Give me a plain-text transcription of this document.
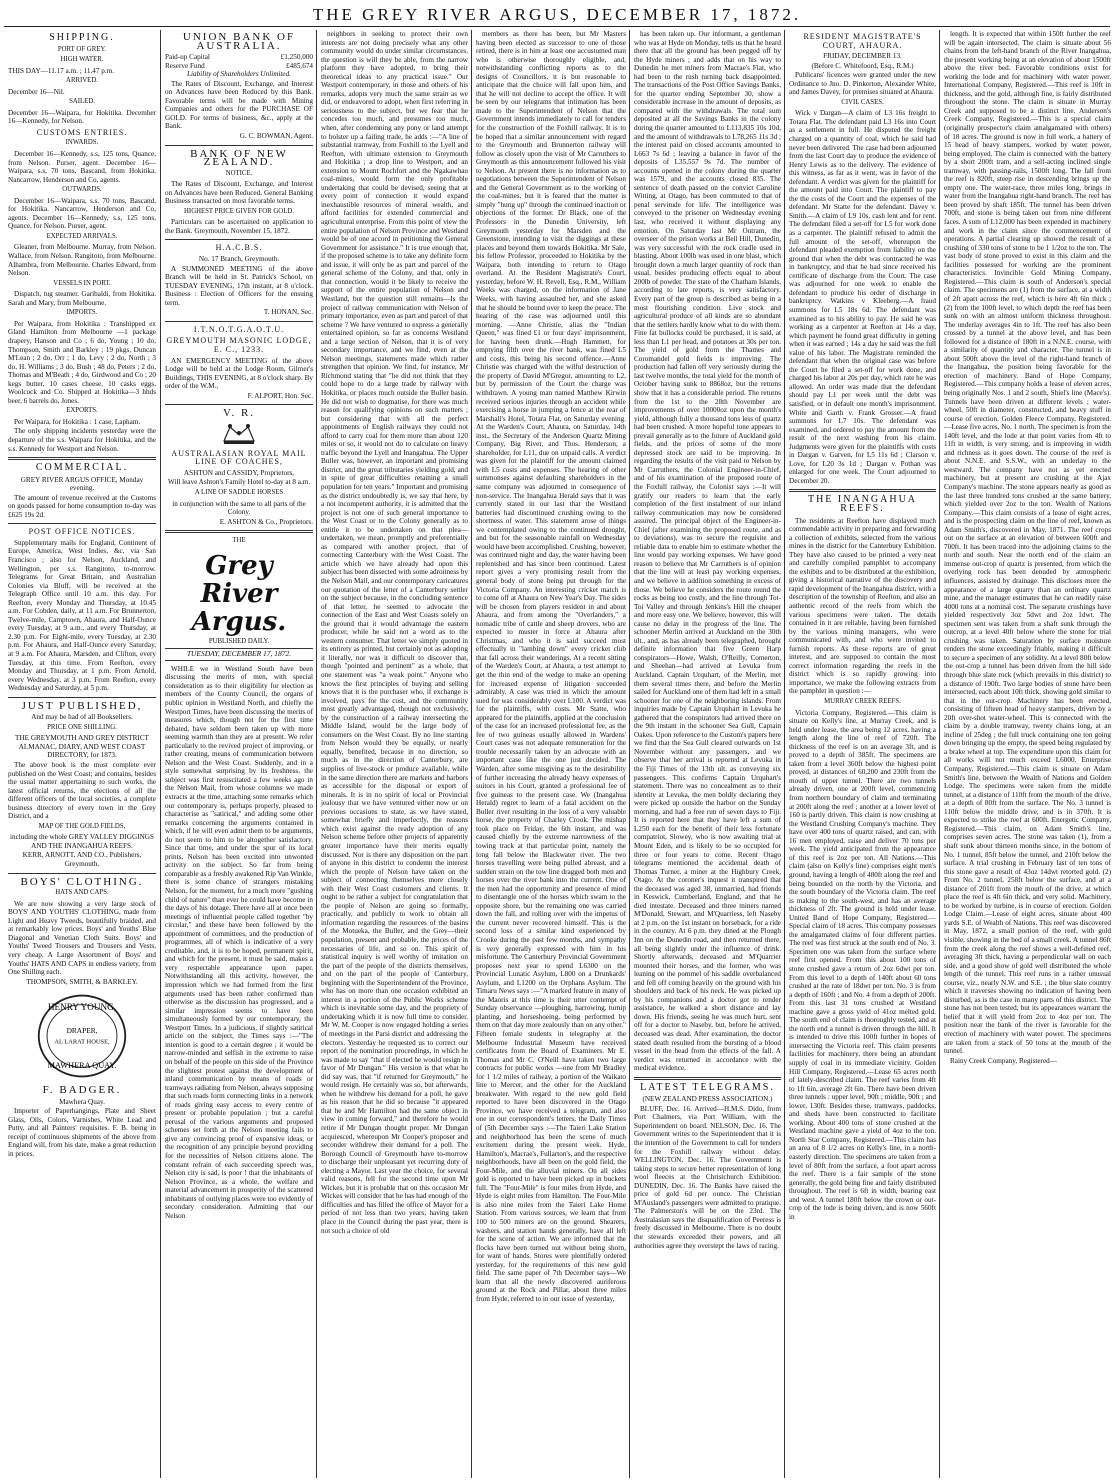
THE GREY RIVER ARGUS, DECEMBER 17, 1872.
SHIPPING.
PORT OF GREY.
HIGH WATER.

THIS DAY—11.17 a.m. ; 11.47 p.m.

ARRIVED.

December 16—Nil.

SAILED.

December 16—Waipara, for Hokitika. December 16—Kennedy, for Nelson.

CUSTOMS ENTRIES.
INWARDS.

December 16—Kennedy, s.s, 125 tons, Quance, from Nelson. Purser, agent. December 16—Waipara, s.s, 70 tons, Bascand, from Hokitika. Nancarrow, Henderson and Co, agents.

OUTWARDS.

December 16—Waipara, s.s. 70 tons, Bascand, for Hokitika. Nancarrow, Henderson and Co, agents. December 16—Kennedy, s.s, 125 tons, Quance, for Nelson. Purser, agent.

EXPECTED ARRIVALS.

Gleaner, from Melbourne. Murray, from Nelson. Wallace, from Nelson. Rangitoto, from Melbourne. Alhambra, from Melbourne. Charles Edward, from Nelson.

VESSELS IN PORT.

Dispatch, tug steamer. Garibaldi, from Hokitika. Sarah and Mary, from Melbourne.

IMPORTS.

Per Waipara, from Hokitika : Transhipped ex Gland Hamilton from Melbourne —1 package drapery, Hanson and Co ; 6 do, Young ; 10 do, Thompson, Smith and Barkley ; 19 pkgs, Duncan M'Lean ; 2 do, Orr ; 1 do, Levy ; 2 do, North ; 3 do, H. Williams ; 3 do, Bush ; 48 do, Peters ; 2 do, Thomas and M'Beath ; 4 do, Girdwood and Co ; 20 kegs butter, 10 cases cheese, 10 casks eggs, Woolcock and Co. Shipped at Hokitika—3 hhds beer, 6 barrels do, Jones.

EXPORTS.

Per Waipara, for Hokitika : 1 case, Lapham.

The only shipping incidents yesterday were the departure of the s.s. Waipara for Hokitika, and the s.s. Kennedy for Westport and Nelson.

COMMERCIAL.

GREY RIVER ARGUS OFFICE, Monday evening.

The amount of revenue received at the Customs on goods passed for home consumption to-day was £625 19s 2d.

POST OFFICE NOTICES.

Supplementary mails for England, Continent of Europe, America, West Indies, &c, via San Francisco ; also for Nelson, Auckland, and Wellington, per s.s. Rangitoto, to-morrow. Telegrams for Great Britain, and Australian Colonies via Bluff, will be received at the Telegraph Office until 10 a.m. this day. For Reefton, every Monday and Thursday, at 10.45 a.m. For Cobden, daily, at 11 a.m. For Brunnerton, Twelve-mile, Camptown, Ahaura, and Half-Ounce every Tuesday, at 9 a.m., and every Thursday, at 2.30 p.m. For Eight-mile, every Tuesday, at 2.30 p.m. For Ahaura, and Half-Ounce every Saturday, at 9 a.m. For Ahaura, Marsden, and Clifton, every Tuesday, at this time. From Reefton, every Monday and Thursday, at 1 p.m. From Arnold, every Wednesday, at 3 p.m. From Reefton, every Wednesday and Saturday, at 5 p.m.

JUST PUBLISHED,

And may be had of all Booksellers.

PRICE ONE SHILLING.

THE GREYMOUTH AND GREY DISTRICT ALMANAC, DIARY, AND WEST COAST DIRECTORY, for 1873.

The above book is the most complete ever published on the West Coast; and contains, besides the usual matter appertaining to such works, the latest official returns, the elections of all the different officers of the local societies, a complete business directory of every town in the Grey District, and a

MAP OF THE GOLD FIELDS,

including the whole GREY VALLEY DIGGINGS AND THE INANGAHUA REEFS.

KERR, ARNOTT, AND CO., Publishers, Greymouth.

BOYS' CLOTHING.
HATS AND CAPS.

We are now showing a very large stock of BOYS' AND YOUTHS' CLOTHING, made from Light and Heavy Tweeds, beautifully braided, and at remarkably low prices. Boys' and Youths' Blue Diagonal and Venetian Cloth Suits. Boys' and Youths' Tweed Trousers and Trousers and Vests, very cheap. A Large Assortment of Boys' and Youths' HATS AND CAPS in endless variety, from One Shilling each.

THOMPSON, SMITH, & BARKLEY.

HENRY YOUNG,
DRAPER,
AL LARAT HOUSE,
MAWHERA QUAY.
F. BADGER.

Mawhera Quay.

Importer of Paperhangings, Plate and Sheet Glass, Oils, Colors, Varnishes, White Lead and Putty, and all Painters' requisites. F. B. being in receipt of continuous shipments of the above from England will, from his date, make a great reduction in prices.

UNION BANK OF AUSTRALIA.
Paid-up Capital	£1,250,000
Reserve Fund	£485,674

Liability of Shareholders Unlimited.

The Rates of Discount, Exchange, and Interest on Advances have been Reduced by this Bank. Favorable terms will be made with Mining Companies and others for the PURCHASE OF GOLD. For terms of business, &c., apply at the Bank.

G. C. BOWMAN, Agent.

BANK OF NEW ZEALAND.
NOTICE.

The Rates of Discount, Exchange, and Interest on Advances have been Reduced. General Banking Business transacted on most favorable terms.

HIGHEST PRICE GIVEN FOR GOLD.

Particulars can be ascertained on application to the Bank. Greymouth, November 15, 1872.

H.A.C.B.S.

No. 17 Branch, Greymouth.

A SUMMONED MEETING of the above Branch will be held in St. Patrick's School, on TUESDAY EVENING, 17th instant, at 8 o'clock. Business : Election of Officers for the ensuing term.

T. HONAN, Sec.

I.T.N.O.T.G.A.O.T.U.
GREYMOUTH MASONIC LODGE, E. C., 1233.

AN EMERGENCY MEETING of the above Lodge will be held at the Lodge Room, Gilmer's Buildings, THIS EVENING, at 8 o'clock sharp. By order of the W.M.,

F. ALPORT, Hon. Sec.

V. R.
AUSTRALASIAN ROYAL MAIL LINE OF COACHES,

ASHTON and CASSIDY, Proprietors,

Will leave Ashton's Family Hotel to-day at 8 a.m.

A LINE OF SADDLE HORSES

in conjunction with the same to all parts of the Colony.

E. ASHTON & Co., Proprietors.

THE
Grey River Argus.
PUBLISHED DAILY.
TUESDAY, DECEMBER 17, 1872.

WHILE we in Westland South have been discussing the merits of men, with special consideration as to their eligibility for election as members of the County Council, the organs of public opinion in Westland North, and chiefly the Westport Times, have been discussing the merits of measures which, though not for the first time debated, have seldom been taken up with more seeming warmth than they are at present. We refer particularly to the revived project of improving, or rather creating, means of communication between Nelson and the West Coast. Suddenly, and in a style somewhat surprising by its freshness, the subject was first resuscitated a few weeks ago in the Nelson Mail, from whose columns we made extracts at the time, attaching some remarks which our contemporary is, perhaps properly, pleased to characterise as "satirical," and adding some other remarks concerning the arguments contained in which, if he will even admit them to be arguments, do not seem to him to be altogether satisfactory. Since that time, and under the spur of its local prints, Nelson has been excited into unwonted activity on the subject. So far from being comparable as a freshly awakened Rip Van Winkle, there is some chance of strangers mistaking Nelson, for the moment, for a much more "gushing child of nature" than ever he could have become in the days of his dotage. There have all at once been meetings of influential people called together "by circular," and these have been followed by the appointment of committees, and the production of programmes, all of which is indicative of a very creditable, and, it is to be hoped, permanent spirit, and which for the present, it must be said, makes a very respectable appearance upon paper. Notwithstanding all this activity, however, the impression which we had formed from the first arguments used has been rather confirmed than otherwise as the discussion has progressed, and a similar impression seems to have been simultaneously formed by our contemporary, the Westport Times. In a judicious, if slightly satirical article on the subject, the Times says :—"The intention is good to a certain degree ; it would be narrow-minded and selfish in the extreme to raise on behalf of the people on this side of the Province the slightest protest against the development of inland communication by means of roads or tramways radiating from Nelson, always supposing that such roads form connecting links in a network of roads giving easy access to every centre of present or probable population ; but a careful perusal of the various arguments and proposed schemes set forth at the Nelson meeting fails to give any convincing proof of expansive ideas, or the recognition of any principle beyond providing for the necessities of Nelson citizens alone. The constant refrain of each succeeding speech was, Nelson city is sad, is poor ! that the inhabitants of Nelson Province, as a whole, the welfare and material advancement in prosperity of the scattered inhabitants of outlying places were too evidently of secondary consideration. Admitting that our Nelson

neighbors in seeking to protect their own interests are not doing precisely what any other community would do under similar circumstances, the question is will they be able, from the narrow platform they have adopted, to bring their theoretical ideas to any practical issue." Our Westport contemporary, in those and others of his remarks, adopts very much the same strain as we did, or endeavored to adopt, when first referring in seriousness to the subject, but we fear that he concedes too much, and presumes too much, when, after condemning any pony or land attempt to bolster up a failing trade, he adds :—"A line of substantial tramway, from Foxhill to the Lyell and Reefton, with ultimate extension to Greymouth and Hokitika ; a drop line to Westport, and an extension to Mount Rochfort and the Ngakawhau coal-mines, would form the only profitable undertaking that could be devised, seeing that at every point of connection it would expand inexhaustible resources of mineral wealth, and afford facilities for extended commercial and agricultural enterprise. From this point of view the entire population of Nelson Province and Westland would be of one accord in petitioning the General Government for assistance." It is true enough that, if the proposed scheme is to take any definite form and issue, it will only be as part and parcel of the general scheme of the Colony, and that, only in that connection, would it be likely to receive the support of the entire population of Nelson and Westland, but the question still remains—Is the project of railway communication with Nelson of primary importance, even as part and parcel of that scheme ? We have ventured to express a generally entertained opinion, so far as concerns Westland and a large section of Nelson, that it is of very secondary importance, and we find, even at the Nelson meetings, statements made which rather strengthen that opinion. We find, for instance, Mr Richmond stating that "he did not think that they could hope to do a large trade by railway with Hokitika, or places much outside the Buller basin. He did not wish to dogmatise, for there was much reason for qualifying opinions on such matters ; but considering that with all the perfect appointments of English railways they could not afford to carry coal for them more than about 120 miles or so, it would not do to calculate on heavy traffic beyond the Lyell and Inangahua. The Upper Buller was, however, an important and promising district, and the great tributaries yielding gold, and in spite of great difficulties retaining a small population for ten years." Important and promising as the district undoubtedly is, we say that here, by a not incompetent authority, it is admitted that the project is not one of such general importance to the West Coast or to the Colony generally as to entitle it to be undertaken on that plea—undertaken, we mean, promptly and preferentially as compared with another project, that of connecting Canterbury with the West Coast. The article which we have already had upon this subject has been dissected with some adroitness by the Nelson Mail, and our contemporary caricatures our quotation of the letter of a Canterbury settler on the subject because, in the concluding sentence of that letter, he seemed to advocate the connection of the East and West Coasts solely on the ground that it would advantage the eastern producer, while he said not a word as to the western consumer. That letter we simply quoted in its entirety as printed, but certainly not as adopting it literally, nor was it difficult to discover that, though "pointed and pertinent" as a whole, that one statement was "a weak point." Anyone who knows the first principles of buying and selling knows that it is the purchaser who, if exchange is involved, pays for the cost, and the community most greatly advantaged, though not exclusively, by the construction of a railway intersecting the Middle Island, would be the large body of consumers on the West Coast. By no line starting from Nelson would they be equally, or nearly equally, benefited, because in no direction, so much as in the direction of Canterbury, are supplies of live-stock or produce available, while in the same direction there are markets and harbors as accessible for the disposal or export of minerals. It is in no spirit of local or Provincial jealousy that we have ventured either now or on previous occasions to state, as we have stated, somewhat briefly and imperfectly, the reasons which exist against the ready adoption of any Nelson scheme before other projects of apparently greater importance have their merits equally discussed. Nor is there any disposition on the part of anyone in this district to condemn the interest which the people of Nelson have taken on the subject of connecting themselves more closely with their West Coast customers and clients. It ought to be rather a subject for congratulation that the people of Nelson are going so formally, practically, and publicly to work to obtain all information regarding the resources of the basins of the Motueka, the Buller, and the Grey—their population, present and probable, the prices of the necessaries of life, and so on. This spirit of statistical inquiry is well worthy of imitation on the part of the people of the districts themselves, and on the part of the people of Canterbury, beginning with the Superintendent of the Province, who has on more than one occasion exhibited an interest in a portion of the Public Works scheme which is inevitable some day, and the propriety of undertaking which it is now full time to consider. Mr W. M. Cooper is now engaged holding a series of meetings in the Parsi district and addressing the electors. Yesterday he requested us to correct our report of the nomination proceedings, in which he was made to say "that if elected he would resign in favor of Mr Dungan." His version is that what he did say was, that "if returned for Greymouth," he would resign. He certainly was so, but afterwards, when he withdrew his demand for a poll, he gave as his reason that he did so because "it appeared that he and Mr Hamilton had the same object in view in coming forward," and therefore he would retire if Mr Dungan thought proper. Mr Dungan acquiesced, whereupon Mr Cooper's proposer and seconder withdrew their demand for a poll. The Borough Council of Greymouth have to-morrow to discharge their unpleasant yet recurring duty of electing a Mayor. Last year the choice, for several valid reasons, fell for the second time upon Mr Wickes, but it is probable that on this occasion Mr Wickes will consider that he has had enough of the difficulties and has filled the office of Mayor for a period of not less than two years, having taken place in the Council during the past year, there is not such a choice of old

members as there has been, but Mr Masters having been elected as successor to one of those retired, there is in him at least one accustomed man who is otherwise thoroughly eligible, and, notwithstanding conflicting reports as to the designs of Councillors, it is but reasonable to anticipate that the choice will fall upon him, and that he will not decline to accept the office. It will be seen by our telegrams that intimation has been made to the Superintendent of Nelson that the Government intends immediately to call for tenders for the construction of the Foxhill railway. It is to be hoped that a similar announcement with regard to the Greymouth and Brunnerton railway will follow as closely upon the visit of Mr Carruthers to Greymouth as this announcement followed his visit to Nelson. At present there is no information as to negotiations between the Superintendent of Nelson and the General Government as to the working of the coal-mines, but it is feared that the matter is simply "hung up" through the continued inaction or objections of the former. Dr Black, one of the Professors in the Dunedin University, left Greymouth yesterday for Marsden and the Greenstone, intending to visit the diggings at these places and beyond them towards Hokitika. Mr Sale, his fellow Professor, proceeded to Hokitika by the Waipara, both intending to return to Otago overland. At the Resident Magistrate's Court, yesterday, before W. H. Revell, Esq., R.M., William Weeks was charged, on the information of Jane Weeks, with having assaulted her, and she asked that he should be bound over to keep the peace. The hearing of the case was adjourned until this morning. —Anne Christie, alias the "Indian Queen," was fined £1 or four days' imprisonment, for having been drunk.—Hugh Hammett, for emptying filth over the river bank, was fined L5 and costs, this being his second offence.—Anne Christie was charged with the wilful destruction of the property of David M'Gregor, amounting to L2, but by permission of the Court the charge was withdrawn. A young man named Matthew Kirwin received serious injuries through an accident while exercising a horse in jumping a fence at the rear of Marshall's Hotel, Totara Flat, on Saturday evening. At the Warden's Court, Ahaura, on Saturday, 14th inst., the Secretary of the Anderson Quartz Mining Company, Big River, and Thos. Henderson, a shareholder, for L11, due on unpaid calls. A verdict was given for the plaintiff for the amount claimed with L5 costs and expenses. The hearing of other summonses against defaulting shareholders in the same company was adjourned in consequence of non-service. The Inangahua Herald says that it was currently stated in our last that the Westland batteries had discontinued crushing owing to the shortness of water. This statement arose of things we contemplated owing to the continued drought, and but for the seasonable rainfall on Wednesday would have been accomplished. Crushing, however, was continued night and day, the water having been replenished and has since been continued. Latest report gives a very promising result from the general body of stone being put through for the Victoria Company. An interesting cricket match is to come off at Ahaura on New Year's Day. The sides will be chosen from players resident in and about Ahaura, and from among the "Overlanders," a nomadic tribe of cattle and sheep drovers, who are expected to muster in force at Ahaura after Christmas, and who it is said succeed most effectually in "lambing down" every cricket club that fall across their wanderings. At a recent sitting of the Warden's Court, at Ahaura, a test attempt to get the thin end of the wedge to make an opening for increased expense of litigation succeeded admirably. A case was tried in which the amount sued for was considerably over L100. A verdict was for the plaintiffs, with costs. Mr Statte, who appeared for the plaintiffs, applied at the conclusion of the case for an increased professional fee, as the fee of two guineas usually allowed in Wardens' Court cases was not adequate remuneration for the trouble necessarily taken by an advocate with an important case like the one just decided. The Warden, after some misgiving as to the desirability of further increasing the already heavy expenses of suitors in his Court, granted a professional fee of five guineas to the present case. We (Inangahua Herald) regret to learn of a fatal accident on the Buller river resulting in the loss of a very valuable horse, the property of Charley Crook. The mishap took place on Friday, the 6th instant, and was caused chiefly by the extreme narrowness of the towing track at that particular point, namely the long fall below the Blackwater river. The two horses travelling were being pulled abreast, and a sudden strain on the tow line dragged both men and horses over the river bank into the current. One of the men had the opportunity and presence of mind to disentangle one of the horses which swam to the opposite shore, but the remaining one was carried down the fall, and rolling over with the impetus of the current never recovered himself. This is the second loss of a similar kind experienced by Crooke during the past few months, and sympathy is very generally expressed with him in his misfortune. The Canterbury Provincial Government proposes next year to spend L6300 on the Provincial Lunatic Asylum, L800 on a Drunkards' Asylum, and L1200 on the Orphans Asylum. The Timaru News says :—"A marked feature in many of the Maoris at this time is their utter contempt of Sunday observance —ploughing, harrowing, turnip planting, and horseshoeing, being performed by them on that day more zealously than on any other." Fifteen female students in telegraphy at the Melbourne Industrial Museum have received certificates from the Board of Examiners. Mr E. Thomas and Mr C. O'Neill have taken two large contracts for public works —one from Mr Bradley for 1 1/2 miles of railway, a portion of the Waikato line to Mercer, and the other for the Auckland breakwater. With regard to the new gold field reported to have been discovered in the Otago Province, we have received a telegram, and also one in our correspondent's letters, the Daily Times of (5th December says :—The Taieri Lake Station and neighborhood has been the scene of much excitement during the present week. Hyde, Hamilton's, Macrae's, Fullarton's, and the respective neighborhoods, have all been on the gold field, the Four-Mile, and the alluvial miners. On all sides gold is reported to have been picked up in buckets full. The "Four-Mile" is four miles from Hyde, and Hyde is eight miles from Hamilton. The Four-Mile is also nine miles from the Taieri Lake Home Station. From various sources, we learn that from 100 to 500 miners are on the ground. Shearers, washers, and station hands generally, have all left for the scene of action. We are informed that the flocks have been turned out without being shorn, for want of hands. Stores were plentifully ordered yesterday, for the requirements of this new gold field. The same paper of 7th December says—We learn that all the newly discovered auriferous ground at the Rock and Pillar, about three miles from Hyde, referred to in our issue of yesterday,

has been taken up. Our informant, a gentleman who was at Hyde on Monday, tells us that he heard there that all the ground has been pegged off by the Hyde miners ; and adds that on his way to Dunedin he met miners from Macrae's Flat, who had been to the rush turning back disappointed. The transactions of the Post Office Savings Banks, for the quarter ending September 30, show a considerable increase in the amount of deposits, as compared with the withdrawals. The total sum deposited at all the Savings Banks in the colony during the quarter amounted to L113,835 10s 10d, and the amount of withdrawals to L78,265 11s 3d ; the interest paid on closed accounts amounted to L663 7s 6d ; leaving a balance in favor of the deposits of L35,557 9s 7d. The number of accounts opened in the colony during the quarter was 1579, and the accounts closed 835. The sentence of death passed on the convict Caroline Witting, at Otago, has been commuted to that of penal servitude for life. The intelligence was conveyed to the prisoner on Wednesday evening last, who received it without displaying any emotion. On Saturday last Mr Outram, the overseer of the prison works at Bell Hill, Dunedin, was very successful with the rock cradle used in blasting. About 100lb was used in one blast, which brought down a much larger quantity of rock than usual, besides producing effects equal to about 200lb of powder. The state of the Chatham Islands, according to late reports, is very satisfactory. Every part of the group is described as being in a most flourishing condition. Live stock and agricultural produce of all kinds are so abundant that the settlers hardly know what to do with them. Fine fat bullocks could be purchased, it is said, at less than L1 per head, and potatoes at 30s per ton. The yield of gold from the Thames and Coromandel gold fields is improving. The production had fallen off very seriously during the last twelve months, the total yield for the month of October having sunk to 8868oz, but the returns show that it has a considerable period. The returns from the 1st to the 28th November are improvements of over 10000oz upon the month's yield, although fully a thousand tons less of quartz had been crushed. A more hopeful tone appears to prevail generally as to the future of Auckland gold fields, and the prices of some of the more depressed stock are said to be improving. In regarding the results of the visit paid to Nelson by Mr Carruthers, the Colonial Engineer-in-Chief, and of his examination of the proposed route of the Foxhill railway, the Colonist says :—It will gratify our readers to learn that the early completion of the first instalment of our inland railway communication may now be considered assured. The principal object of the Engineer-in-Chief (after examining the proposed route, and as to deviations), was to secure the requisite and reliable data to enable him to estimate whether the line would pay working expenses. We have good reason to believe that Mr Carruthers is of opinion that the line will at least pay working expenses, and we believe in addition something in excess of those. We believe he considers the route round the rocks as being too costly, and the line through Tot-Toi Valley and through Jenkins's Hill the cheaper and more easy one. We believe, however, this will cause no delay in the progress of the line. The schooner Merlin arrived at Auckland on the 30th ult., and, as has already been telegraphed, brought definite information that five Green Harp conspirators—Howe, Walsh, O'Reilly, Comerton, and Sheehan—had arrived at Levuka from Auckland. Captain Urquhart, of the Merlin, met them several times there, and before the Merlin sailed for Auckland one of them had left in a small schooner for one of the neighboring islands. From inquiries made by Captain Urquhart in Levuka he gathered that the conspirators had arrived there on the 9th instant in the schooner Sea Gull, Captain Oakes. Upon reference to the Custom's papers here we find that the Sea Gull cleared outwards on 1st November without any passengers, and we observe that her arrival is reported at Levuka in the Fiji Times of the 13th ult. as conveying six passengers. This confirms Captain Urquhart's statement. There was no concealment as to their identity at Levuka, the men boldly declaring they were picked up outside the harbor on the Sunday morning, and had a free run of seven days to Fiji. It is reported here that they have left a sum of L250 each for the benefit of their less fortunate compatriot, Slowey, who is now awaiting trial at Mount Eden, and is likely to be so occupied for three or four years to come. Recent Otago telegrams mentioned the accidental death of Thomas Turner, a miner at the Highbury Creek, Otago. At the coroner's inquest it transpired that the deceased was aged 38, unmarried, had friends in Keswick, Cumberland, England, and that he died intestate. Deceased and three miners named M'Donald, Stewart, and M'Quarriess, left Naseby at 2 p.m. on the 1st instant on horseback, for a ride in the country. At 6 p.m. they dined at the Plough Inn on the Dunedin road, and then returned there, all being slightly under the influence of drink. Shortly afterwards, deceased and M'Quarrier mounted their horses, and the former, who was leaning on the pommel of his saddle overbalanced and fell off coming heavily on the ground with his shoulders and back of his neck. He was picked up by his companions and a doctor got to render assistance, he walked a short distance and lay down. His friends, seeing he was much hurt, sent off for a doctor to Naseby, but, before he arrived, deceased was dead. After examination, the doctor stated death resulted from the bursting of a blood vessel in the head from the effects of the fall. A verdict was returned in accordance with the medical evidence.

LATEST TELEGRAMS.

(NEW ZEALAND PRESS ASSOCIATION.)

BLUFF, Dec. 16. Arrived—H.M.S. Dido, from Port Chalmers, via Port William, with the Superintendent on board. NELSON, Dec. 16. The Government writes to the Superintendent that it is the intention of the Government to call for tenders for the Foxhill railway without delay. WELLINGTON, Dec. 16. The Government is taking steps to secure better representation of long wool fleeces at the Christchurch Exhibition. DUNEDIN, Dec. 16. The Banks have raised the price of gold 6d per ounce. The Christian M'Ausland's passengers were admitted to pratique. The Palmerston's will be on the 23rd. The Australasian says the disqualification of Peeress is freely discussed in Melbourne. There is no doubt the stewards exceeded their powers, and all authorities agree they overstept the laws of racing.

RESIDENT MAGISTRATE'S COURT, AHAURA.

FRIDAY, DECEMBER 13.

(Before C. Whitefoord, Esq., R.M.)

Publicans' licences were granted under the new Ordinance to Jno. D. Pinkerton, Alexander White, and James Davey, for premises situated at Ahaura.

CIVIL CASES.

Wick v Dargan—A claim of L3 16s freight to Totara Flat. The defendant paid L3 16s into Court as a settlement in full. He disputed the freight charged on a quantity of coal, which he said had never been delivered. The case had been adjourned from the last Court day to produce the evidence of Henry Lewis as to the delivery. The evidence of this witness, as far as it went, was in favor of the defendant. A verdict was given for the plaintiff for the amount paid into Court. The plaintiff to pay the the costs of the Court and the expenses of the defendant. Mr Statte for the defendant. Davey v. Smith.—A claim of L9 10s, cash lent and for rent. The defendant filed a set-off for L5 for work done as a carpenter. The plaintiff refused to admit the full amount of the set-off, whereupon the defendant pleaded exemption from liability on the ground that when the debt was contracted he was in bankruptcy, and that he had since received his certificate of discharge from the Court. The case was adjourned for one week to enable the defendant to produce his order of discharge in bankruptcy. Watkins v Kleeberg.—A fraud summons for L5 18s 6d. The defendant was examined as to his ability to pay. He said he was working as a carpenter at Reefton at 14s a day, which payment he found great difficulty in getting when it was earned ; 14s a day he said was the full value of his labor. The Magistrate reminded the defendant that when the original case was before the Court he filed a set-off for work done, and charged his labor at 20s per day, which rate he was allowed. An order was made that the defendant should pay L1 per week until the debt was satisfied, or in default one month's imprisonment. White and Garth v. Frank Grosser.—A fraud summons for L7 10s. The defendant was examined, and ordered to pay the amount from the result of the next washing from his claim. Judgments were given for the plaintiffs with costs in Dargan v. Garven, for L5 11s 6d ; Clarson v. Love, for L20 3s 1d ; Dargan v. Pothan was enlarged for one week. The Court adjourned to December 20.

THE INANGAHUA REEFS.

The residents at Reefton have displayed much commendable activity in preparing and forwarding a collection of exhibits, selected from the various mines in the district for the Canterbury Exhibition. They have also caused to be printed a very neat and carefully compiled pamphlet to accompany the exhibits and to be distributed at the exhibition, giving a historical narrative of the discovery and rapid development of the Inangahua district, with a description of the township of Reefton, and also an authentic record of the reefs from which the various specimens were taken. The details contained in it are reliable, having been furnished by the various mining managers, who were communicated with, and who were invited to furnish reports. As these reports are of great interest, and are supposed to contain the most correct information regarding the reefs in the district which is so rapidly growing into importance, we make the following extracts from the pamphlet in question :—

MURRAY CREEK REEFS.

Victoria Company, Registered.—This claim is situate on Kelly's line, at Murray Creek, and is held under lease, the area being 12 acres, having a length along the line of reef of 720ft. The thickness of the reef is on an average 3ft, and is proved to a depth of 385ft. The specimens are taken from a level 360ft below the highest point proved, at distances of 60,200 and 230ft from the mouth of upper tunnel. There are two tunnels already driven, one at 200ft level, commencing from northern boundary of claim and terminating at 200ft along the reef ; another at a lower level of 160 is partly driven. This claim is now crushing at the Westland Crushing Company's machine. They have over 400 tons of quartz raised, and can, with 16 men employed, raise and deliver 70 tons per week. The yield anticipated from the appearance of this reef is 2oz per ton. All Nations.—This claim (also on Kelly's line) comprises eight men's ground, having a length of 480ft along the reef and being bounded on the north by the Victoria, and the south boundary of the Victoria claim. The reef is making to the south-west, and has an average thickness of 2ft. The ground is held under lease. United Band of Hope Company, Registered.—Special claim of 18 acres. This company possesses the amalgamated claims of four different parties. The reef was first struck at the south end of No. 3. Specimen one was taken from the surface where reef first opened. From this about 100 tons of stone crushed gave a return of 2oz 6dwt per ton. From this level to a depth of 140ft about 60 tons crushed at the rate of 18dwt per ton. No. 3 is from a depth of 160ft ; and No. 4 from a depth of 200ft. From this last 31 tons crushed at Westland machine gave a gross yield of 41oz melted gold. The south end of claim is thoroughly tested, and at the north end a tunnel is driven through the hill. It is intended to drive this 100ft further in hopes of intersecting the Victoria reef. This claim presents facilities for machinery, there being an abundant supply of coal in its immediate vicinity. Golden Hill Company, Registered.—Lease 65 acres north of lately-described claim. The reef varies from 4ft to 1ft 6in, average 2ft 6in. There have been driven three tunnels : upper level, 90ft ; middle, 90ft ; and lower, 130ft. Besides these, tramways, paddocks, and sheds have been constructed to facilitate working. About 400 tons of stone crushed at the Westland machine gave a yield of 4oz to the ton. North Star Company, Registered.—This claim has an area of 8 1/2 acres on Kelly's line, in a north-easterly direction. The specimens are taken from a level of 80ft from the surface, a foot apart across the reef. There is a fair sample of the stone generally, the gold being fine and fairly distributed throughout. The reef is 6ft in width, bearing east and west. A tunnel 180ft below the crown or out-crop of the lode is being driven, and is now 560ft in

length. It is expected that within 150ft further the reef will be again intersected. The claim is situate about 56 chains from the left-hand branch of the River Inangahua, the present working being at an elevation of about 1500ft above the river bed. Favorable conditions exist for working the lode and for machinery with water power. International Company, Registered.—This reef is 10ft in thickness, and the gold, although fine, is fairly distributed throughout the stone. The claim is situate in Murray Creek and supposed to be a distinct line. Anderson's Creek Company, Registered.—This is a special claim (originally prospector's claim amalgamated with others) of 18 acres. The ground is now in full work, a battery of 15 head of heavy stampers, worked by water power, being employed. The claim is connected with the battery by a short 200ft tram, and a self-acting inclined single tramway, with passing-rails, 1500ft long. The fall from the reef is 820ft, steep rise in descending brings up the empty one. The water-race, three miles long, brings in water from the Inangahua right-hand branch. The reef has been proved by shaft 185ft. The tunnel has been driven 700ft, and stone is being taken out from nine different faces. A sum of L12,000 has been expended in machinery and work in the claim since the commencement of operations. A partial clearing up showed the result of a crushing of 330 tons of stone to be 1 1/2oz to the ton. The vast body of stone proved to exist in this claim and the facilities possessed for working are the prominent characteristics. Invincible Gold Mining Company, Registered.—This claim is south of Anderson's special claim. The specimens are (1) from the surface, at a width of 2ft apart across the reef, which is here 4ft 6in thick ; (2) from the 100ft level, to which depth the reef has been sunk on with an almost uniform thickness throughout. The underlay averages 4in to 1ft. The reef has also been crossed by a tunnel at the above level, and has been followed for a distance of 180ft in a N.N.E. course, with a similarity of quantity and character. The tunnel is in about 500ft above the level of the right-hand branch of the Inangahua, the position being favorable for the erection of machinery. Band of Hope Company, Registered.—This company holds a lease of eleven acres, being originally Nos. 1 and 2 south, Shiel's line (Mace's). Tunnels have been driven at different levels ; water-wheel, 50ft in diameter, constructed, and heavy stuff in course of erection. Golden Fleece Company, Registered.—Lease five acres, No. 1 north. The specimen is from the 140ft level, and the lode at that point varies from 4ft to 11ft in width, is very strong, and is improving in width and richness as it goes down. The course of the reef is about N.N.E. and S.S.W., with an underlay to the westward. The company have not as yet erected machinery, but at present are crushing at the Ajax Company's machine. The stone appears nearly as good as the last three hundred tons crushed at the same battery, which yielded over 2oz to the ton. Wealth of Nations Company.—This claim consists of a lease of eight acres, and is the prospecting claim on the line of reef, known as Adam Smith's, discovered in May, 1871. The reef crops out on the surface at an elevation of between 600ft and 700ft. It has been traced into the adjoining claims to the north and south. Near the north end of the claim an immense out-crop of quartz is presented, from which the overlying rock has been denuded by atmospheric influences, assisted by drainage. This discloses more the appearance of a large quarry than an ordinary quartz mine, and the manager estimates that he can readily raise 4000 tons at a nominal cost. The separate crushings have yielded respectively 3oz 5dwt and 2oz 1dwt. The specimen sent was taken from a shaft sunk through the outcrop, at a level 40ft below where the stone for trial crushing was taken. Saturation by surface moisture renders the stone exceedingly friable, making it difficult to secure a specimen of any solidity. At a level 80ft below the out-crop a tunnel has been driven from the hill side through blue slate rock (which prevails in this district) to a distance of 190ft. Two large bodies of stone have been intersected, each about 10ft thick, showing gold similar to that in the out-crop. Machinery has been erected, consisting of fifteen head of heavy stampers, driven by a 20ft over-shot water-wheel. This is connected with the claim by a double tramway, twenty chains long, at an incline of 25deg ; the full truck containing one ton going down bringing up the empty, the speed being regulated by a brake wheel at top. The expenditure upon this claim for all works will not much exceed L6000. Enterprise Company, Registered.—This claim is situate on Adam Smith's line, between the Wealth of Nations and Golden Lodge. The specimens were taken from the middle tunnel, at a distance of 110ft from the mouth of the drive, at a depth of 80ft from the surface. The No. 3 tunnel is 110ft below the middle drive, and is in 370ft. It is expected to strike the reef at 600ft. Energetic Company, Registered.—This claim, on Adam Smith's line, comprises seven acres. The stone was taken (1), from a shaft sunk about thirteen months since, in the bottom of No. 1 tunnel, 85ft below the tunnel, and 210ft below the surface. A trial crushing in February last of ten tons of this stone gave a result of 43oz 14dwt retorted gold. (2) From No. 2 tunnel, 258ft below the surface, and at a distance of 201ft from the mouth of the drive, at which place the reef is 4ft 6in thick, and very solid. Machinery, to be worked by turbine, is in course of erection. Golden Lodge Claim.—Lease of eight acres, situate about 400 yards S.E. of Wealth of Nations. This reef was discovered in May, 1872, a small portion of the reef, with gold visible, showing in the bed of a small creek. A tunnel 86ft from the creek along the reef shows a well-defined reef, averaging 3ft thick, having a perpendicular wall on each side, and a good show of gold well distributed the whole length of the tunnel. This reef runs in a rather unusual course, viz., nearly N.W. and S.E. ; the blue slate country which it traverses showing no indication of having been disturbed, as is the case in many parts of this district. The stone has not been tested, but its appearances warrant the belief that it will yield from 2oz to 4oz per ton. The position near the bank of the river is favorable for the erection of machinery with water power. The specimens are taken from a stack of 50 tons at the mouth of the tunnel.

Rainy Creek Company, Registered—
